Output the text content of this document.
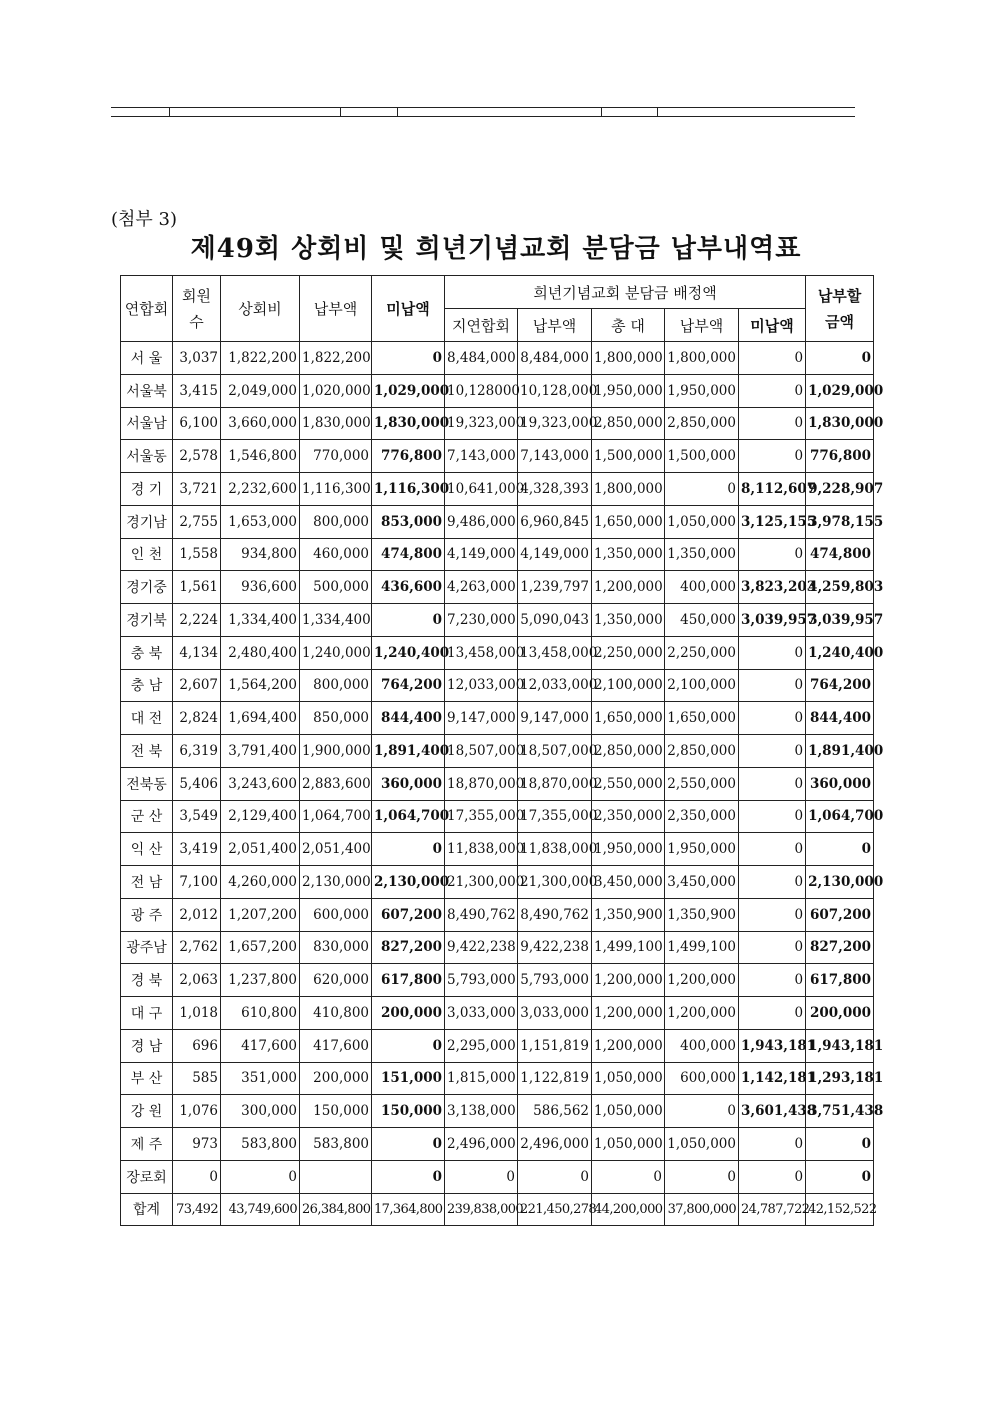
(첨부 3)
제49회 상회비 및 희년기념교회 분담금 납부내역표
연합회	회원수	상회비	납부액	미납액	희년기념교회 분담금 배정액					납부할 금액
					지연합회	납부액	총 대	납부액	미납액	
서 울	3,037	1,822,200	1,822,200	0	8,484,000	8,484,000	1,800,000	1,800,000	0	0
서울북	3,415	2,049,000	1,020,000	1,029,000	10,128000	10,128,000	1,950,000	1,950,000	0	1,029,000
서울남	6,100	3,660,000	1,830,000	1,830,000	19,323,000	19,323,000	2,850,000	2,850,000	0	1,830,000
서울동	2,578	1,546,800	770,000	776,800	7,143,000	7,143,000	1,500,000	1,500,000	0	776,800
경 기	3,721	2,232,600	1,116,300	1,116,300	10,641,000	4,328,393	1,800,000	0	8,112,607	9,228,907
경기남	2,755	1,653,000	800,000	853,000	9,486,000	6,960,845	1,650,000	1,050,000	3,125,155	3,978,155
인 천	1,558	934,800	460,000	474,800	4,149,000	4,149,000	1,350,000	1,350,000	0	474,800
경기중	1,561	936,600	500,000	436,600	4,263,000	1,239,797	1,200,000	400,000	3,823,203	4,259,803
경기북	2,224	1,334,400	1,334,400	0	7,230,000	5,090,043	1,350,000	450,000	3,039,957	3,039,957
충 북	4,134	2,480,400	1,240,000	1,240,400	13,458,000	13,458,000	2,250,000	2,250,000	0	1,240,400
충 남	2,607	1,564,200	800,000	764,200	12,033,000	12,033,000	2,100,000	2,100,000	0	764,200
대 전	2,824	1,694,400	850,000	844,400	9,147,000	9,147,000	1,650,000	1,650,000	0	844,400
전 북	6,319	3,791,400	1,900,000	1,891,400	18,507,000	18,507,000	2,850,000	2,850,000	0	1,891,400
전북동	5,406	3,243,600	2,883,600	360,000	18,870,000	18,870,000	2,550,000	2,550,000	0	360,000
군 산	3,549	2,129,400	1,064,700	1,064,700	17,355,000	17,355,000	2,350,000	2,350,000	0	1,064,700
익 산	3,419	2,051,400	2,051,400	0	11,838,000	11,838,000	1,950,000	1,950,000	0	0
전 남	7,100	4,260,000	2,130,000	2,130,000	21,300,000	21,300,000	3,450,000	3,450,000	0	2,130,000
광 주	2,012	1,207,200	600,000	607,200	8,490,762	8,490,762	1,350,900	1,350,900	0	607,200
광주남	2,762	1,657,200	830,000	827,200	9,422,238	9,422,238	1,499,100	1,499,100	0	827,200
경 북	2,063	1,237,800	620,000	617,800	5,793,000	5,793,000	1,200,000	1,200,000	0	617,800
대 구	1,018	610,800	410,800	200,000	3,033,000	3,033,000	1,200,000	1,200,000	0	200,000
경 남	696	417,600	417,600	0	2,295,000	1,151,819	1,200,000	400,000	1,943,181	1,943,181
부 산	585	351,000	200,000	151,000	1,815,000	1,122,819	1,050,000	600,000	1,142,181	1,293,181
강 원	1,076	300,000	150,000	150,000	3,138,000	586,562	1,050,000	0	3,601,438	3,751,438
제 주	973	583,800	583,800	0	2,496,000	2,496,000	1,050,000	1,050,000	0	0
장로회	0	0		0	0	0	0	0	0	0
합계	73,492	43,749,600	26,384,800	17,364,800	239,838,000	221,450,278	44,200,000	37,800,000	24,787,722	42,152,522
